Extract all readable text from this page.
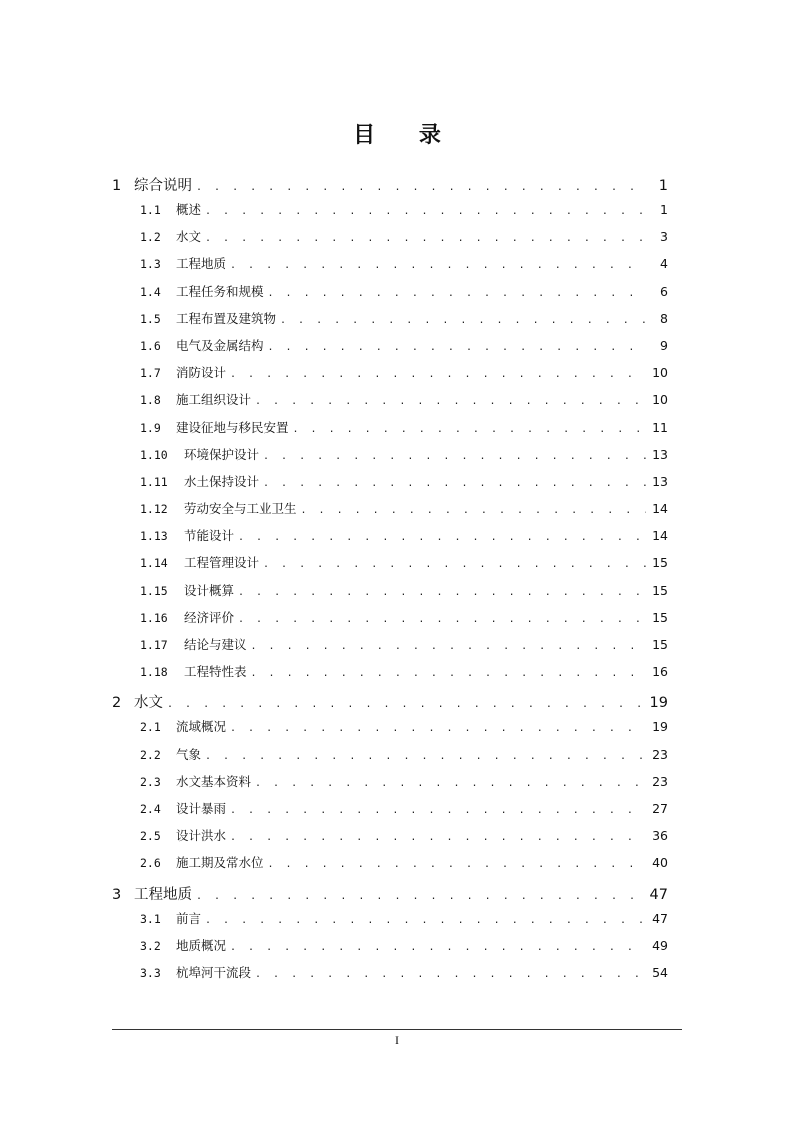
目 录
1 综合说明 . . .	1
1.1	概述 . . .	1
1.2	水文 . . .	3
1.3	工程地质 . . .	4
1.4	工程任务和规模 . . .	6
1.5	工程布置及建筑物 . . .	8
1.6	电气及金属结构 . . .	9
1.7	消防设计 . . .	10
1.8	施工组织设计 . . .	10
1.9	建设征地与移民安置 . . .	11
1.10	环境保护设计 . . .	13
1.11	水土保持设计 . . .	13
1.12	劳动安全与工业卫生 . . .	14
1.13	节能设计 . . .	14
1.14	工程管理设计 . . .	15
1.15	设计概算 . . .	15
1.16	经济评价 . . .	15
1.17	结论与建议 . . .	15
1.18	工程特性表 . . .	16
2 水文 . . .	19
2.1	流域概况 . . .	19
2.2	气象 . . .	23
2.3	水文基本资料 . . .	23
2.4	设计暴雨 . . .	27
2.5	设计洪水 . . .	36
2.6	施工期及常水位 . . .	40
3 工程地质 . . .	47
3.1	前言 . . .	47
3.2	地质概况 . . .	49
3.3	杭埠河干流段 . . .	54
I
